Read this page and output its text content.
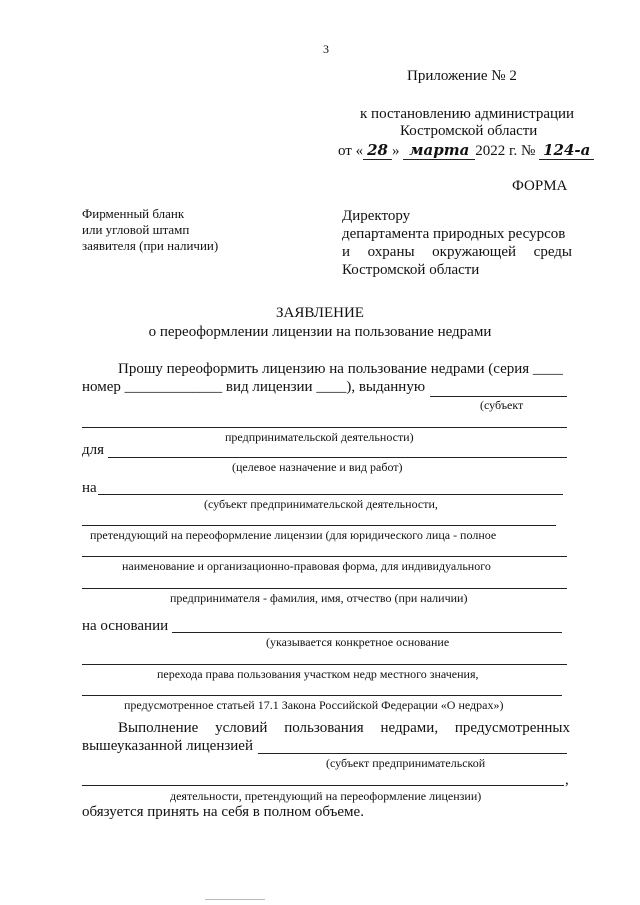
3
Приложение № 2
к постановлению администрации
Костромской области
от « 28 » марта 2022 г. № 124-а
ФОРМА
Фирменный бланк
или угловой штамп
заявителя (при наличии)
Директору
департамента природных ресурсов
и охраны окружающей среды
Костромской области
ЗАЯВЛЕНИЕ
о переоформлении лицензии на пользование недрами
Прошу переоформить лицензию на пользование недрами (серия ____
номер _____________ вид лицензии ____), выданную
(субъект
предпринимательской деятельности)
для
(целевое назначение и вид работ)
на
(субъект предпринимательской деятельности,
претендующий на переоформление лицензии (для юридического лица - полное
наименование и организационно-правовая форма, для индивидуального
предпринимателя - фамилия, имя, отчество (при наличии)
на основании
(указывается конкретное основание
перехода права пользования участком недр местного значения,
предусмотренное статьей 17.1 Закона Российской Федерации «О недрах»)
Выполнение условий пользования недрами, предусмотренных
вышеуказанной лицензией
(субъект предпринимательской
,
деятельности, претендующий на переоформление лицензии)
обязуется принять на себя в полном объеме.
